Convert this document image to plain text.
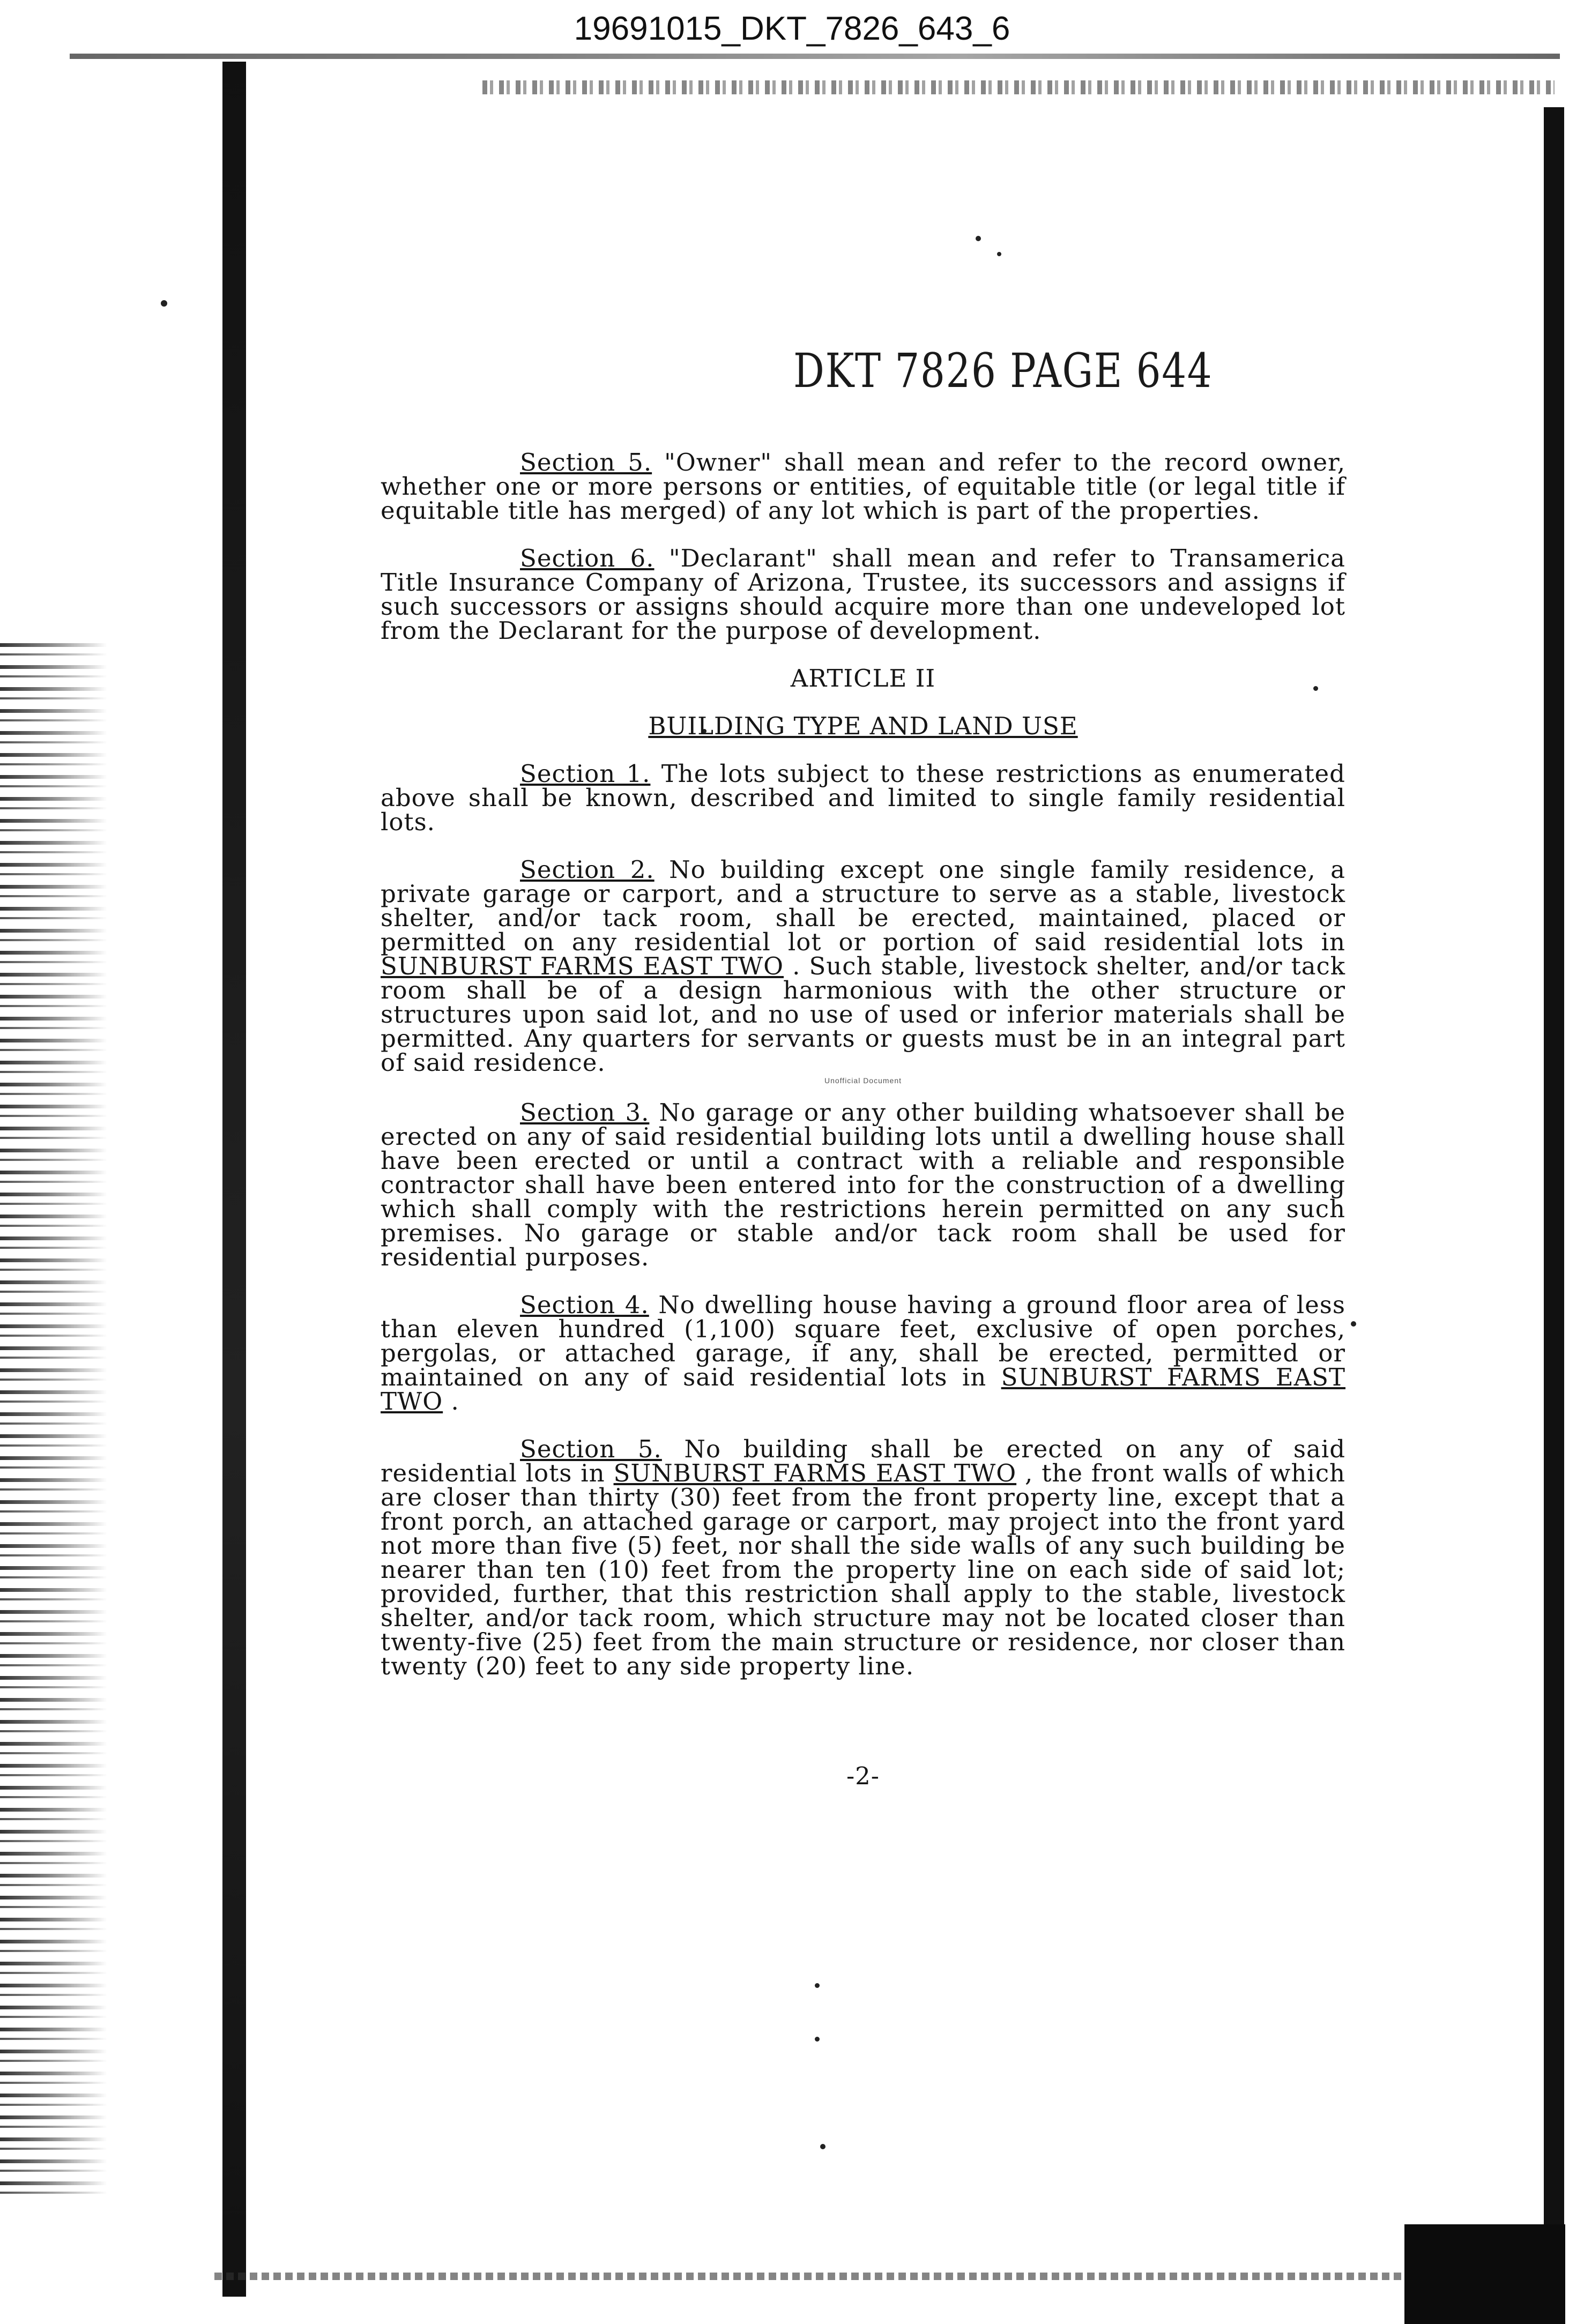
19691015_DKT_7826_643_6
DKT 7826 PAGE 644

Section 5. "Owner" shall mean and refer to the record owner, whether one or more persons or entities, of equitable title (or legal title if equitable title has merged) of any lot which is part of the properties.

Section 6. "Declarant" shall mean and refer to Transamerica Title Insurance Company of Arizona, Trustee, its successors and assigns if such successors or assigns should acquire more than one undeveloped lot from the Declarant for the purpose of development.

ARTICLE II

BUILDING TYPE AND LAND USE

Section 1. The lots subject to these restrictions as enumerated above shall be known, described and limited to single family residential lots.

Section 2. No building except one single family residence, a private garage or carport, and a structure to serve as a stable, livestock shelter, and/or tack room, shall be erected, maintained, placed or permitted on any residential lot or portion of said residential lots in SUNBURST FARMS EAST TWO . Such stable, livestock shelter, and/or tack room shall be of a design harmonious with the other structure or structures upon said lot, and no use of used or inferior materials shall be permitted. Any quarters for servants or guests must be in an integral part of said residence.

Unofficial Document

Section 3. No garage or any other building whatsoever shall be erected on any of said residential building lots until a dwelling house shall have been erected or until a contract with a reliable and responsible contractor shall have been entered into for the construction of a dwelling which shall comply with the restrictions herein permitted on any such premises. No garage or stable and/or tack room shall be used for residential purposes.

Section 4. No dwelling house having a ground floor area of less than eleven hundred (1,100) square feet, exclusive of open porches, pergolas, or attached garage, if any, shall be erected, permitted or maintained on any of said residential lots in SUNBURST FARMS EAST TWO .

Section 5. No building shall be erected on any of said residential lots in SUNBURST FARMS EAST TWO , the front walls of which are closer than thirty (30) feet from the front property line, except that a front porch, an attached garage or carport, may project into the front yard not more than five (5) feet, nor shall the side walls of any such building be nearer than ten (10) feet from the property line on each side of said lot; provided, further, that this restriction shall apply to the stable, livestock shelter, and/or tack room, which structure may not be located closer than twenty-five (25) feet from the main structure or residence, nor closer than twenty (20) feet to any side property line.

-2-
